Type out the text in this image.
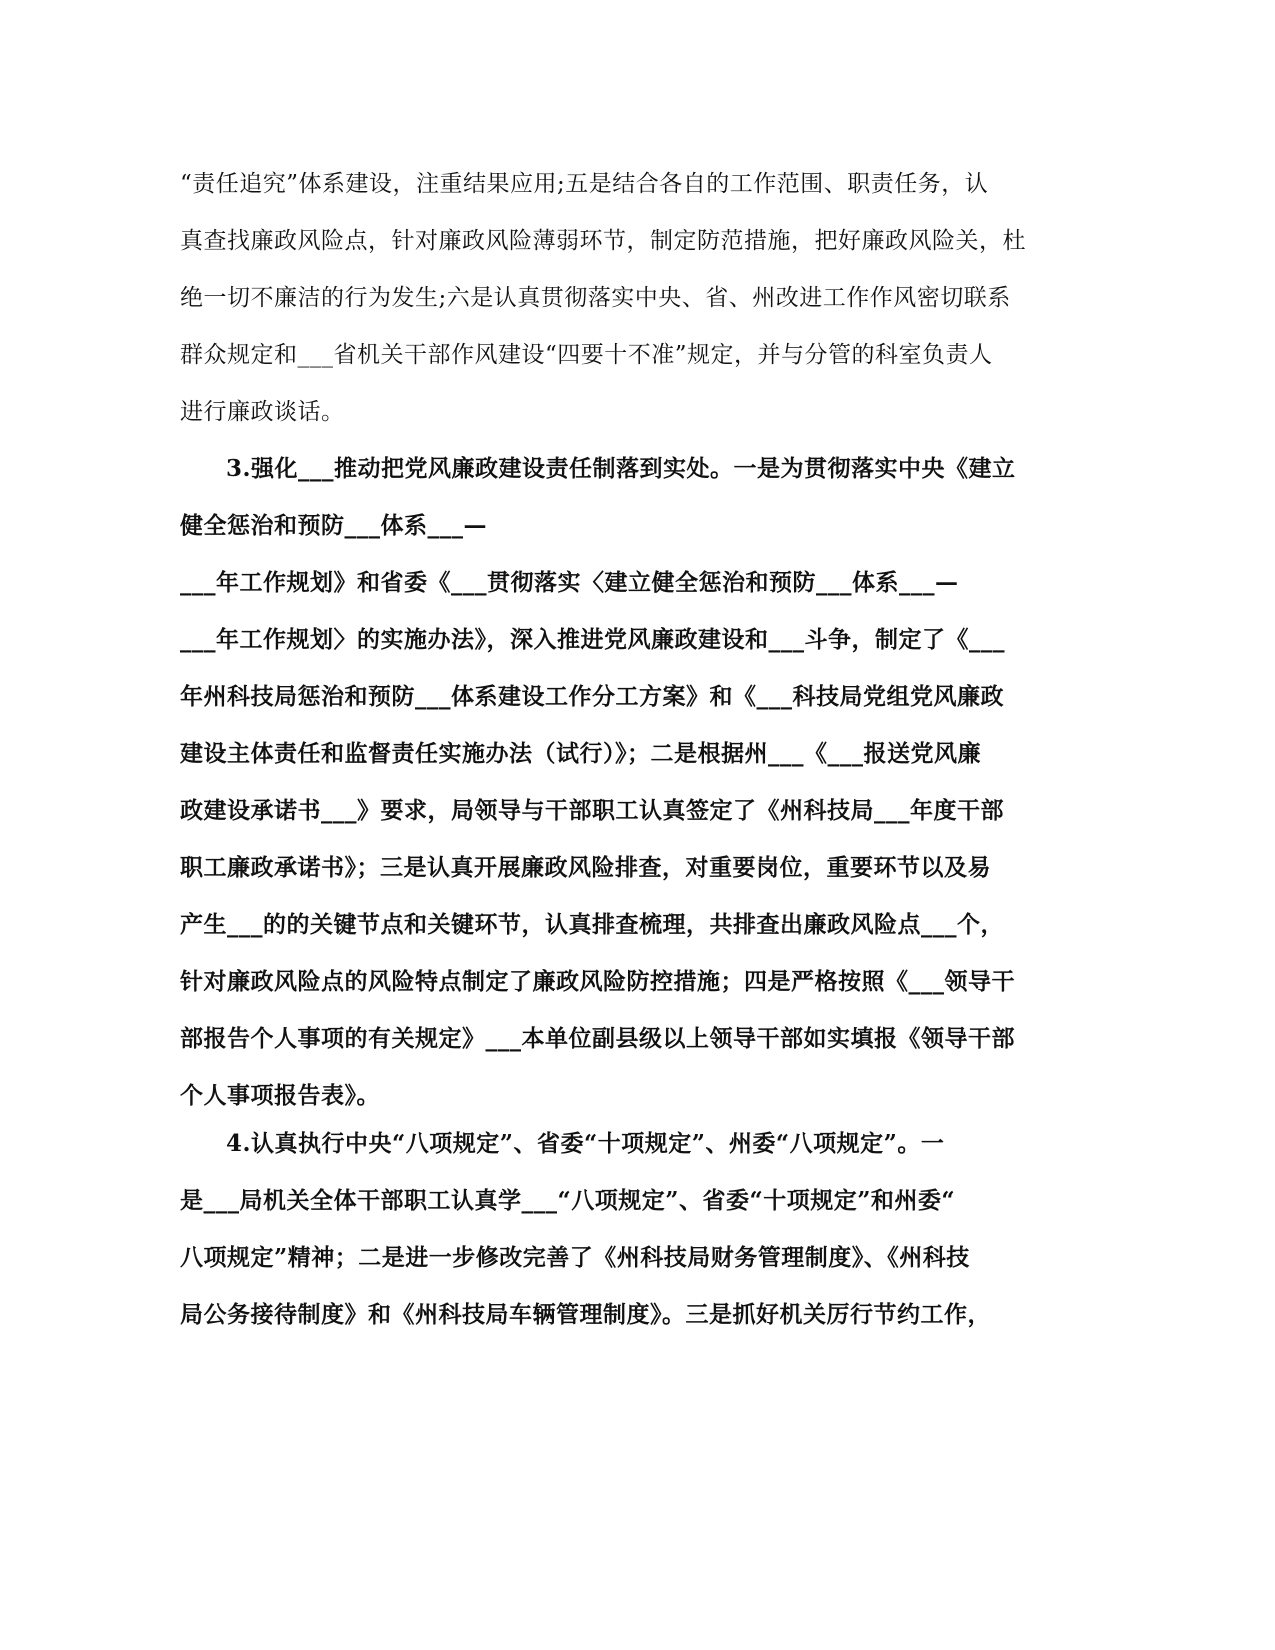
“责任追究”体系建设，注重结果应用;五是结合各自的工作范围、职责任务，认
真查找廉政风险点，针对廉政风险薄弱环节，制定防范措施，把好廉政风险关，杜
绝一切不廉洁的行为发生;六是认真贯彻落实中央、省、州改进工作作风密切联系
群众规定和___省机关干部作风建设“四要十不准”规定，并与分管的科室负责人
进行廉政谈话。
3.强化___推动把党风廉政建设责任制落到实处。一是为贯彻落实中央《建立
健全惩治和预防___体系___—
___年工作规划》和省委《___贯彻落实〈建立健全惩治和预防___体系___—
___年工作规划〉的实施办法》，深入推进党风廉政建设和___斗争，制定了《___
年州科技局惩治和预防___体系建设工作分工方案》和《___科技局党组党风廉政
建设主体责任和监督责任实施办法（试行）》；二是根据州___《___报送党风廉
政建设承诺书___》要求，局领导与干部职工认真签定了《州科技局___年度干部
职工廉政承诺书》；三是认真开展廉政风险排查，对重要岗位，重要环节以及易
产生___的的关键节点和关键环节，认真排查梳理，共排查出廉政风险点___个，
针对廉政风险点的风险特点制定了廉政风险防控措施；四是严格按照《___领导干
部报告个人事项的有关规定》___本单位副县级以上领导干部如实填报《领导干部
个人事项报告表》。
4.认真执行中央“八项规定”、省委“十项规定”、州委“八项规定”。一
是___局机关全体干部职工认真学___“八项规定”、省委“十项规定”和州委“
八项规定”精神；二是进一步修改完善了《州科技局财务管理制度》、《州科技
局公务接待制度》和《州科技局车辆管理制度》。三是抓好机关厉行节约工作，
